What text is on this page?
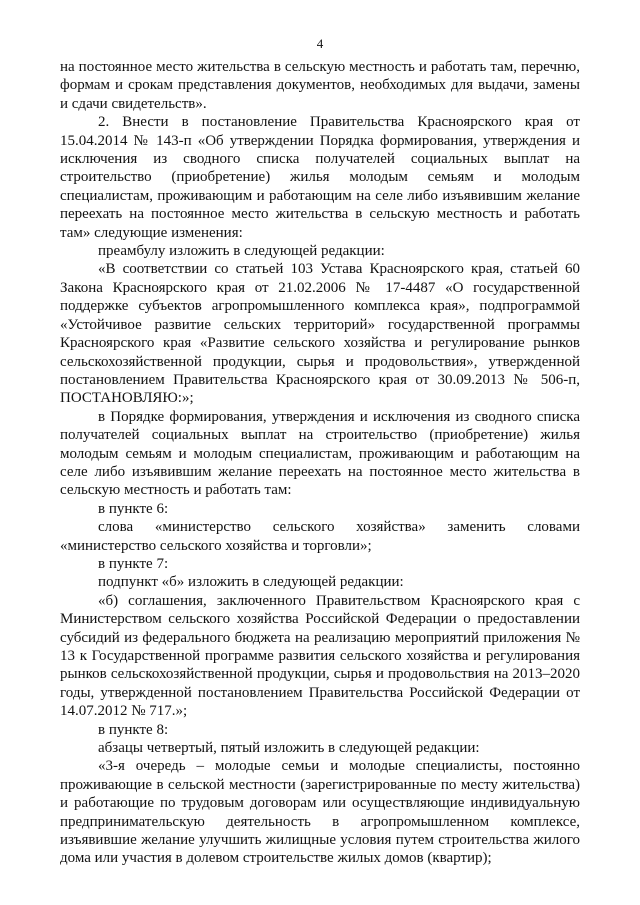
4

на постоянное место жительства в сельскую местность и работать там, перечню, формам и срокам представления документов, необходимых для выдачи, замены и сдачи свидетельств».

2. Внести в постановление Правительства Красноярского края от 15.04.2014 № 143-п «Об утверждении Порядка формирования, утверждения и исключения из сводного списка получателей социальных выплат на строительство (приобретение) жилья молодым семьям и молодым специалистам, проживающим и работающим на селе либо изъявившим желание переехать на постоянное место жительства в сельскую местность и работать там» следующие изменения:

преамбулу изложить в следующей редакции:

«В соответствии со статьей 103 Устава Красноярского края, статьей 60 Закона Красноярского края от 21.02.2006 № 17-4487 «О государственной поддержке субъектов агропромышленного комплекса края», подпрограммой «Устойчивое развитие сельских территорий» государственной программы Красноярского края «Развитие сельского хозяйства и регулирование рынков сельскохозяйственной продукции, сырья и продовольствия», утвержденной постановлением Правительства Красноярского края от 30.09.2013 № 506-п, ПОСТАНОВЛЯЮ:»;

в Порядке формирования, утверждения и исключения из сводного списка получателей социальных выплат на строительство (приобретение) жилья молодым семьям и молодым специалистам, проживающим и работающим на селе либо изъявившим желание переехать на постоянное место жительства в сельскую местность и работать там:

в пункте 6:

слова «министерство сельского хозяйства» заменить словами «министерство сельского хозяйства и торговли»;

в пункте 7:

подпункт «б» изложить в следующей редакции:

«б) соглашения, заключенного Правительством Красноярского края с Министерством сельского хозяйства Российской Федерации о предоставлении субсидий из федерального бюджета на реализацию мероприятий приложения № 13 к Государственной программе развития сельского хозяйства и регулирования рынков сельскохозяйственной продукции, сырья и продовольствия на 2013–2020 годы, утвержденной постановлением Правительства Российской Федерации от 14.07.2012 № 717.»;

в пункте 8:

абзацы четвертый, пятый изложить в следующей редакции:

«3-я очередь – молодые семьи и молодые специалисты, постоянно проживающие в сельской местности (зарегистрированные по месту жительства) и работающие по трудовым договорам или осуществляющие индивидуальную предпринимательскую деятельность в агропромышленном комплексе, изъявившие желание улучшить жилищные условия путем строительства жилого дома или участия в долевом строительстве жилых домов (квартир);
